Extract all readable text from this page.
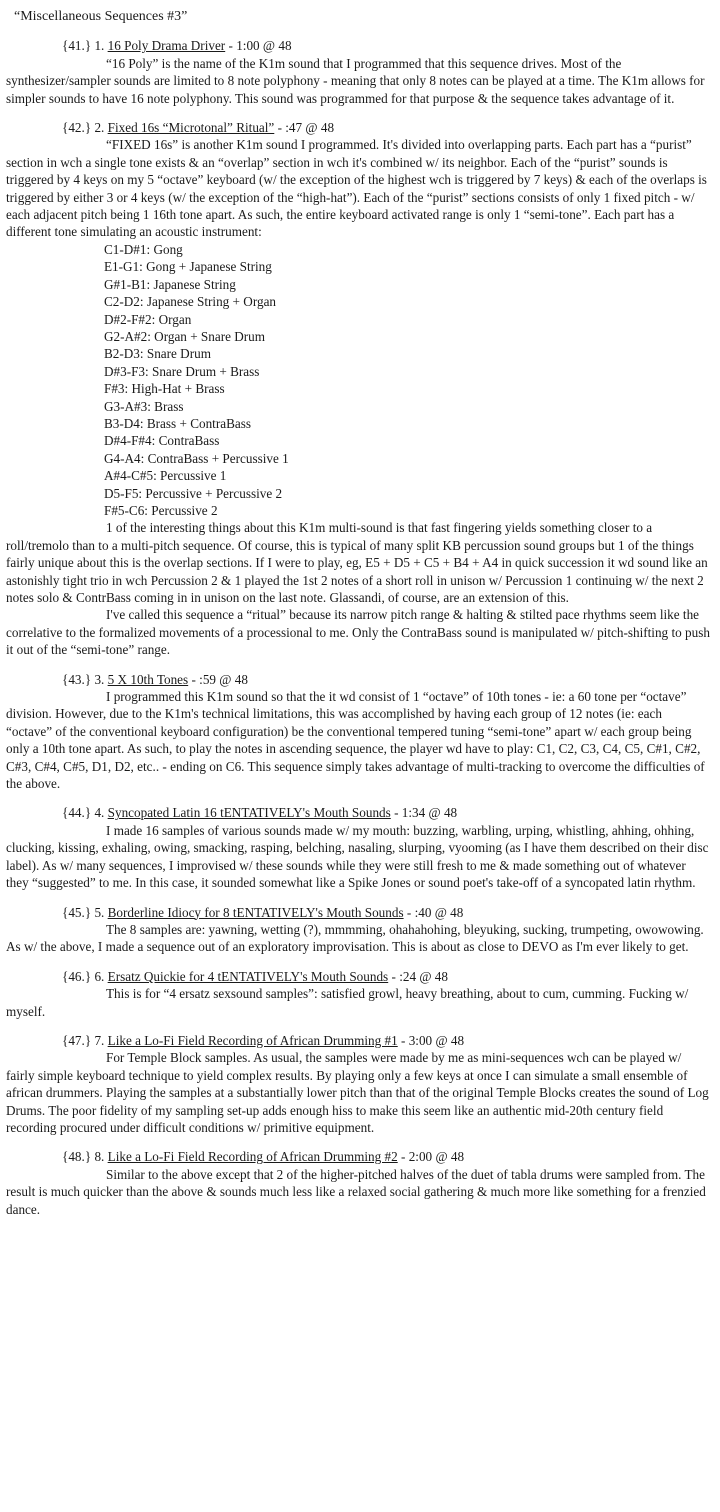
“Miscellaneous Sequences #3”
{41.} 1. 16 Poly Drama Driver - 1:00 @ 48

“16 Poly” is the name of the K1m sound that I programmed that this sequence drives. Most of the synthesizer/sampler sounds are limited to 8 note polyphony - meaning that only 8 notes can be played at a time. The K1m allows for simpler sounds to have 16 note polyphony. This sound was programmed for that purpose & the sequence takes advantage of it.

{42.} 2. Fixed 16s “Microtonal” Ritual” - :47 @ 48

“FIXED 16s” is another K1m sound I programmed. It's divided into overlapping parts. Each part has a “purist” section in wch a single tone exists & an “overlap” section in wch it's combined w/ its neighbor. Each of the “purist” sounds is triggered by 4 keys on my 5 “octave” keyboard (w/ the exception of the highest wch is triggered by 7 keys) & each of the overlaps is triggered by either 3 or 4 keys (w/ the exception of the “high-hat”). Each of the “purist” sections consists of only 1 fixed pitch - w/ each adjacent pitch being 1 16th tone apart. As such, the entire keyboard activated range is only 1 “semi-tone”. Each part has a different tone simulating an acoustic instrument:

C1-D#1: Gong
E1-G1: Gong + Japanese String
G#1-B1: Japanese String
C2-D2: Japanese String + Organ
D#2-F#2: Organ
G2-A#2: Organ + Snare Drum
B2-D3: Snare Drum
D#3-F3: Snare Drum + Brass
F#3: High-Hat + Brass
G3-A#3: Brass
B3-D4: Brass + ContraBass
D#4-F#4: ContraBass
G4-A4: ContraBass + Percussive 1
A#4-C#5: Percussive 1
D5-F5: Percussive + Percussive 2
F#5-C6: Percussive 2

1 of the interesting things about this K1m multi-sound is that fast fingering yields something closer to a roll/tremolo than to a multi-pitch sequence. Of course, this is typical of many split KB percussion sound groups but 1 of the things fairly unique about this is the overlap sections. If I were to play, eg, E5 + D5 + C5 + B4 + A4 in quick succession it wd sound like an astonishly tight trio in wch Percussion 2 & 1 played the 1st 2 notes of a short roll in unison w/ Percussion 1 continuing w/ the next 2 notes solo & ContrBass coming in in unison on the last note. Glassandi, of course, are an extension of this.

I've called this sequence a “ritual” because its narrow pitch range & halting & stilted pace rhythms seem like the correlative to the formalized movements of a processional to me. Only the ContraBass sound is manipulated w/ pitch-shifting to push it out of the “semi-tone” range.

{43.} 3. 5 X 10th Tones - :59 @ 48

I programmed this K1m sound so that the it wd consist of 1 “octave” of 10th tones - ie: a 60 tone per “octave” division. However, due to the K1m's technical limitations, this was accomplished by having each group of 12 notes (ie: each “octave” of the conventional keyboard configuration) be the conventional tempered tuning “semi-tone” apart w/ each group being only a 10th tone apart. As such, to play the notes in ascending sequence, the player wd have to play: C1, C2, C3, C4, C5, C#1, C#2, C#3, C#4, C#5, D1, D2, etc.. - ending on C6. This sequence simply takes advantage of multi-tracking to overcome the difficulties of the above.

{44.} 4. Syncopated Latin 16 tENTATIVELY's Mouth Sounds - 1:34 @ 48

I made 16 samples of various sounds made w/ my mouth: buzzing, warbling, urping, whistling, ahhing, ohhing, clucking, kissing, exhaling, owing, smacking, rasping, belching, nasaling, slurping, vyooming (as I have them described on their disc label). As w/ many sequences, I improvised w/ these sounds while they were still fresh to me & made something out of whatever they “suggested” to me. In this case, it sounded somewhat like a Spike Jones or sound poet's take-off of a syncopated latin rhythm.

{45.} 5. Borderline Idiocy for 8 tENTATIVELY's Mouth Sounds - :40 @ 48

The 8 samples are: yawning, wetting (?), mmmming, ohahahohing, bleyuking, sucking, trumpeting, owowowing. As w/ the above, I made a sequence out of an exploratory improvisation. This is about as close to DEVO as I'm ever likely to get.

{46.} 6. Ersatz Quickie for 4 tENTATIVELY's Mouth Sounds - :24 @ 48

This is for “4 ersatz sexsound samples”: satisfied growl, heavy breathing, about to cum, cumming. Fucking w/ myself.

{47.} 7. Like a Lo-Fi Field Recording of African Drumming #1 - 3:00 @ 48

For Temple Block samples. As usual, the samples were made by me as mini-sequences wch can be played w/ fairly simple keyboard technique to yield complex results. By playing only a few keys at once I can simulate a small ensemble of african drummers. Playing the samples at a substantially lower pitch than that of the original Temple Blocks creates the sound of Log Drums. The poor fidelity of my sampling set-up adds enough hiss to make this seem like an authentic mid-20th century field recording procured under difficult conditions w/ primitive equipment.

{48.} 8. Like a Lo-Fi Field Recording of African Drumming #2 - 2:00 @ 48

Similar to the above except that 2 of the higher-pitched halves of the duet of tabla drums were sampled from. The result is much quicker than the above & sounds much less like a relaxed social gathering & much more like something for a frenzied dance.
